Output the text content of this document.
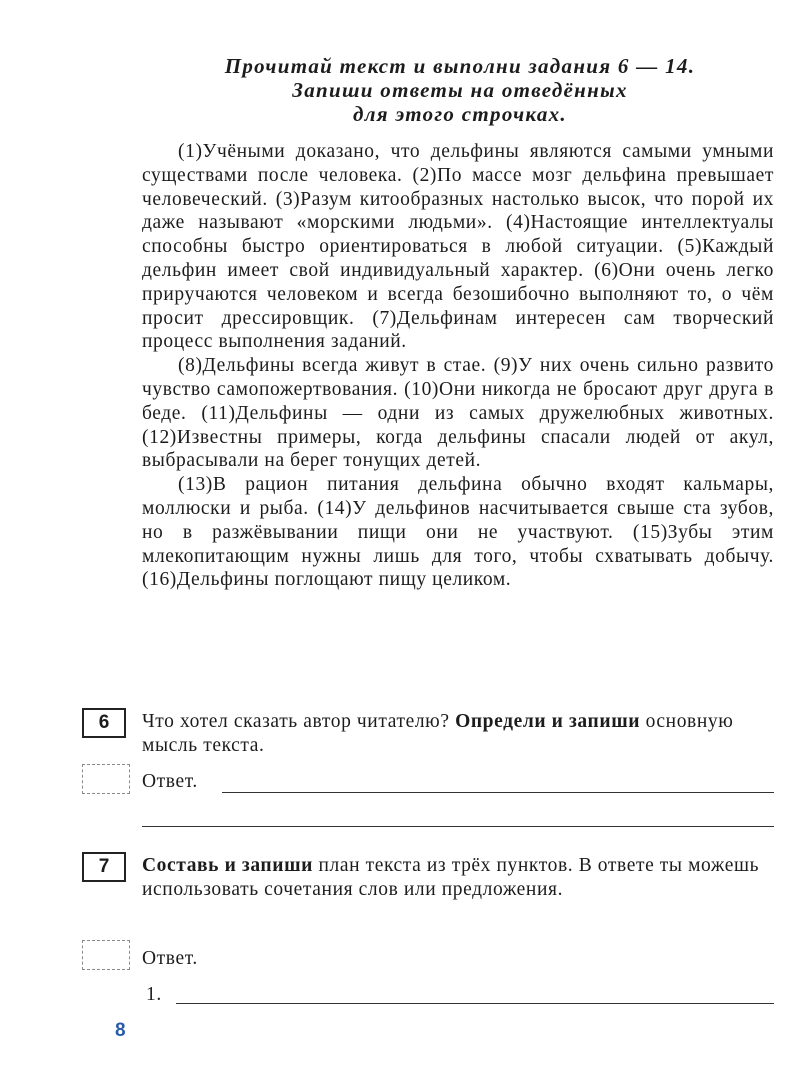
Прочитай текст и выполни задания 6 — 14.
Запиши ответы на отведённых
для этого строчках.

(1)Учёными доказано, что дельфины являются самыми умными существами после человека. (2)По массе мозг дельфина превышает человеческий. (3)Разум китообразных настолько высок, что порой их даже называют «морскими людьми». (4)Настоящие интеллектуалы способны быстро ориентироваться в любой ситуации. (5)Каждый дельфин имеет свой индивидуальный характер. (6)Они очень легко приручаются человеком и всегда безошибочно выполняют то, о чём просит дрессировщик. (7)Дельфинам интересен сам творческий процесс выполнения заданий.

(8)Дельфины всегда живут в стае. (9)У них очень сильно развито чувство самопожертвования. (10)Они никогда не бросают друг друга в беде. (11)Дельфины — одни из самых дружелюбных животных. (12)Известны примеры, когда дельфины спасали людей от акул, выбрасывали на берег тонущих детей.

(13)В рацион питания дельфина обычно входят кальмары, моллюски и рыба. (14)У дельфинов насчитывается свыше ста зубов, но в разжёвывании пищи они не участвуют. (15)Зубы этим млекопитающим нужны лишь для того, чтобы схватывать добычу. (16)Дельфины поглощают пищу целиком.

6	Что хотел сказать автор читателю? Определи и запиши основную мысль текста.
Ответ.
7	Составь и запиши план текста из трёх пунктов. В ответе ты можешь использовать сочетания слов или предложения.
Ответ.
1.
8
